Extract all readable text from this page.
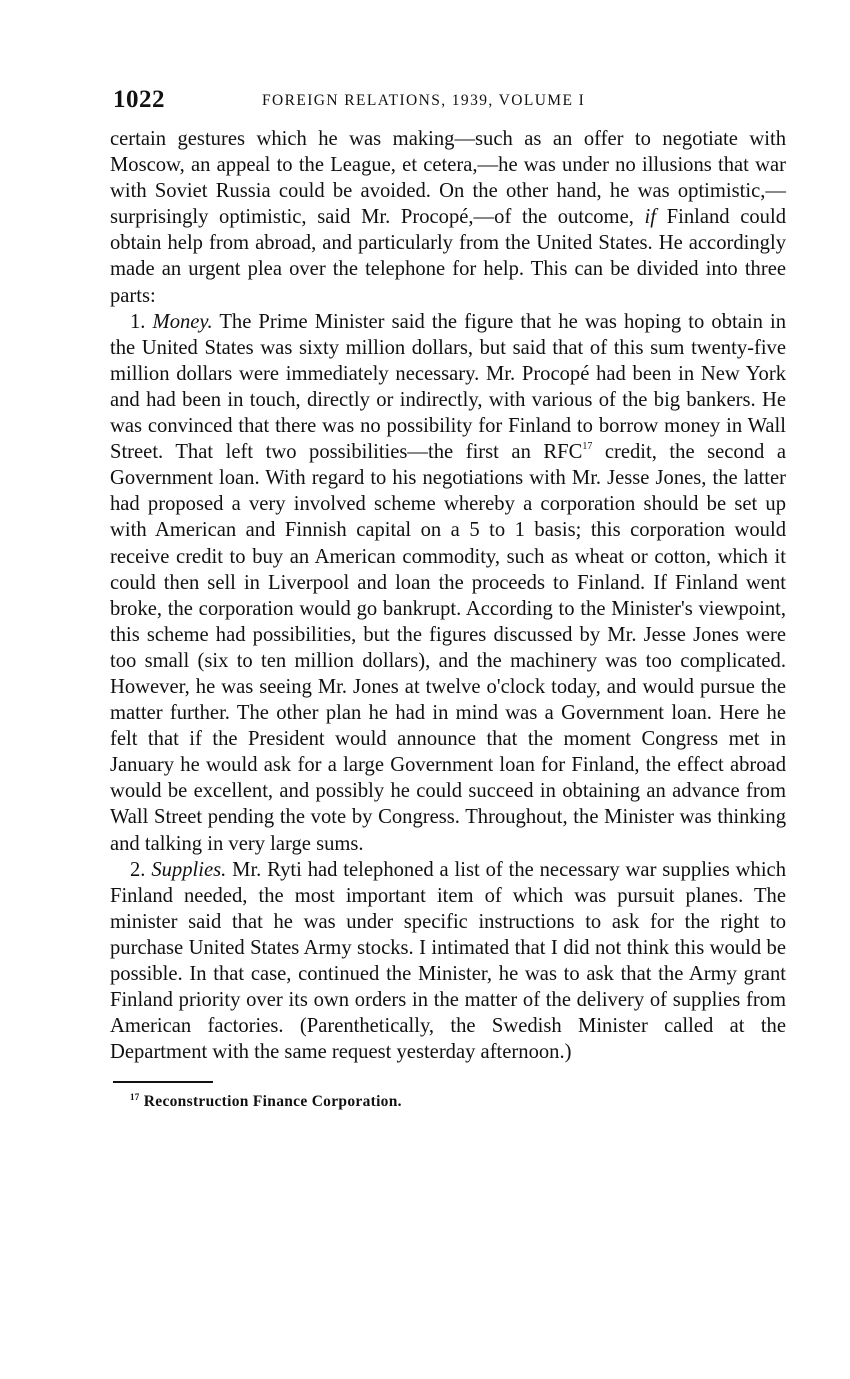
1022	FOREIGN RELATIONS, 1939, VOLUME I

certain gestures which he was making—such as an offer to negotiate with Moscow, an appeal to the League, et cetera,—he was under no illusions that war with Soviet Russia could be avoided. On the other hand, he was optimistic,—surprisingly optimistic, said Mr. Procopé,—of the outcome, if Finland could obtain help from abroad, and particularly from the United States. He accordingly made an urgent plea over the telephone for help. This can be divided into three parts:

1. Money. The Prime Minister said the figure that he was hoping to obtain in the United States was sixty million dollars, but said that of this sum twenty-five million dollars were immediately necessary. Mr. Procopé had been in New York and had been in touch, directly or indirectly, with various of the big bankers. He was convinced that there was no possibility for Finland to borrow money in Wall Street. That left two possibilities—the first an RFC$^{17}$ credit, the second a Government loan. With regard to his negotiations with Mr. Jesse Jones, the latter had proposed a very involved scheme whereby a corporation should be set up with American and Finnish capital on a 5 to 1 basis; this corporation would receive credit to buy an American commodity, such as wheat or cotton, which it could then sell in Liverpool and loan the proceeds to Finland. If Finland went broke, the corporation would go bankrupt. According to the Minister's viewpoint, this scheme had possibilities, but the figures discussed by Mr. Jesse Jones were too small (six to ten million dollars), and the machinery was too complicated. However, he was seeing Mr. Jones at twelve o'clock today, and would pursue the matter further. The other plan he had in mind was a Government loan. Here he felt that if the President would announce that the moment Congress met in January he would ask for a large Government loan for Finland, the effect abroad would be excellent, and possibly he could succeed in obtaining an advance from Wall Street pending the vote by Congress. Throughout, the Minister was thinking and talking in very large sums.

2. Supplies. Mr. Ryti had telephoned a list of the necessary war supplies which Finland needed, the most important item of which was pursuit planes. The minister said that he was under specific instructions to ask for the right to purchase United States Army stocks. I intimated that I did not think this would be possible. In that case, continued the Minister, he was to ask that the Army grant Finland priority over its own orders in the matter of the delivery of supplies from American factories. (Parenthetically, the Swedish Minister called at the Department with the same request yesterday afternoon.)

$^{17}$ Reconstruction Finance Corporation.
